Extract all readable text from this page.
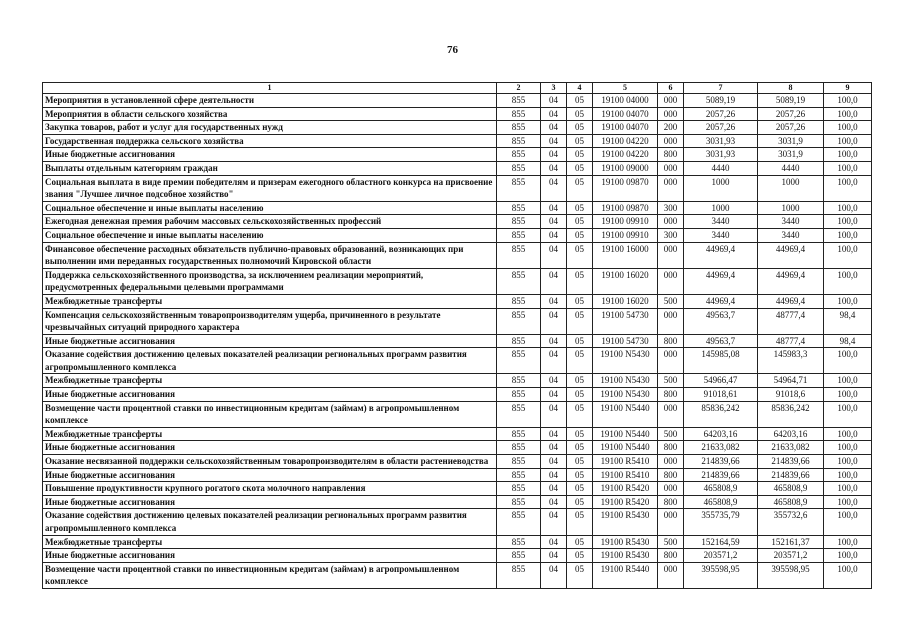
76
1	2	3	4	5	6	7	8	9
Мероприятия в установленной сфере деятельности	855	04	05	19100 04000	000	5089,19	5089,19	100,0
Мероприятия в области сельского хозяйства	855	04	05	19100 04070	000	2057,26	2057,26	100,0
Закупка товаров, работ и услуг для государственных нужд	855	04	05	19100 04070	200	2057,26	2057,26	100,0
Государственная поддержка сельского хозяйства	855	04	05	19100 04220	000	3031,93	3031,9	100,0
Иные бюджетные ассигнования	855	04	05	19100 04220	800	3031,93	3031,9	100,0
Выплаты отдельным категориям граждан	855	04	05	19100 09000	000	4440	4440	100,0
Социальная выплата в виде премии победителям и призерам ежегодного областного конкурса на присвоение звания "Лучшее личное подсобное хозяйство"	855	04	05	19100 09870	000	1000	1000	100,0
Социальное обеспечение и иные выплаты населению	855	04	05	19100 09870	300	1000	1000	100,0
Ежегодная денежная премия рабочим массовых сельскохозяйственных профессий	855	04	05	19100 09910	000	3440	3440	100,0
Социальное обеспечение и иные выплаты населению	855	04	05	19100 09910	300	3440	3440	100,0
Финансовое обеспечение расходных обязательств публично-правовых образований, возникающих при выполнении ими переданных государственных полномочий Кировской области	855	04	05	19100 16000	000	44969,4	44969,4	100,0
Поддержка сельскохозяйственного производства, за исключением реализации мероприятий, предусмотренных федеральными целевыми программами	855	04	05	19100 16020	000	44969,4	44969,4	100,0
Межбюджетные трансферты	855	04	05	19100 16020	500	44969,4	44969,4	100,0
Компенсация сельскохозяйственным товаропроизводителям ущерба, причиненного в результате чрезвычайных ситуаций природного характера	855	04	05	19100 54730	000	49563,7	48777,4	98,4
Иные бюджетные ассигнования	855	04	05	19100 54730	800	49563,7	48777,4	98,4
Оказание содействия достижению целевых показателей реализации региональных программ развития агропромышленного комплекса	855	04	05	19100 N5430	000	145985,08	145983,3	100,0
Межбюджетные трансферты	855	04	05	19100 N5430	500	54966,47	54964,71	100,0
Иные бюджетные ассигнования	855	04	05	19100 N5430	800	91018,61	91018,6	100,0
Возмещение части процентной ставки по инвестиционным кредитам (займам) в агропромышленном комплексе	855	04	05	19100 N5440	000	85836,242	85836,242	100,0
Межбюджетные трансферты	855	04	05	19100 N5440	500	64203,16	64203,16	100,0
Иные бюджетные ассигнования	855	04	05	19100 N5440	800	21633,082	21633,082	100,0
Оказание несвязанной поддержки сельскохозяйственным товаропроизводителям в области растениеводства	855	04	05	19100 R5410	000	214839,66	214839,66	100,0
Иные бюджетные ассигнования	855	04	05	19100 R5410	800	214839,66	214839,66	100,0
Повышение продуктивности крупного рогатого скота молочного направления	855	04	05	19100 R5420	000	465808,9	465808,9	100,0
Иные бюджетные ассигнования	855	04	05	19100 R5420	800	465808,9	465808,9	100,0
Оказание содействия достижению целевых показателей реализации региональных программ развития агропромышленного комплекса	855	04	05	19100 R5430	000	355735,79	355732,6	100,0
Межбюджетные трансферты	855	04	05	19100 R5430	500	152164,59	152161,37	100,0
Иные бюджетные ассигнования	855	04	05	19100 R5430	800	203571,2	203571,2	100,0
Возмещение части процентной ставки по инвестиционным кредитам (займам) в агропромышленном комплексе	855	04	05	19100 R5440	000	395598,95	395598,95	100,0
